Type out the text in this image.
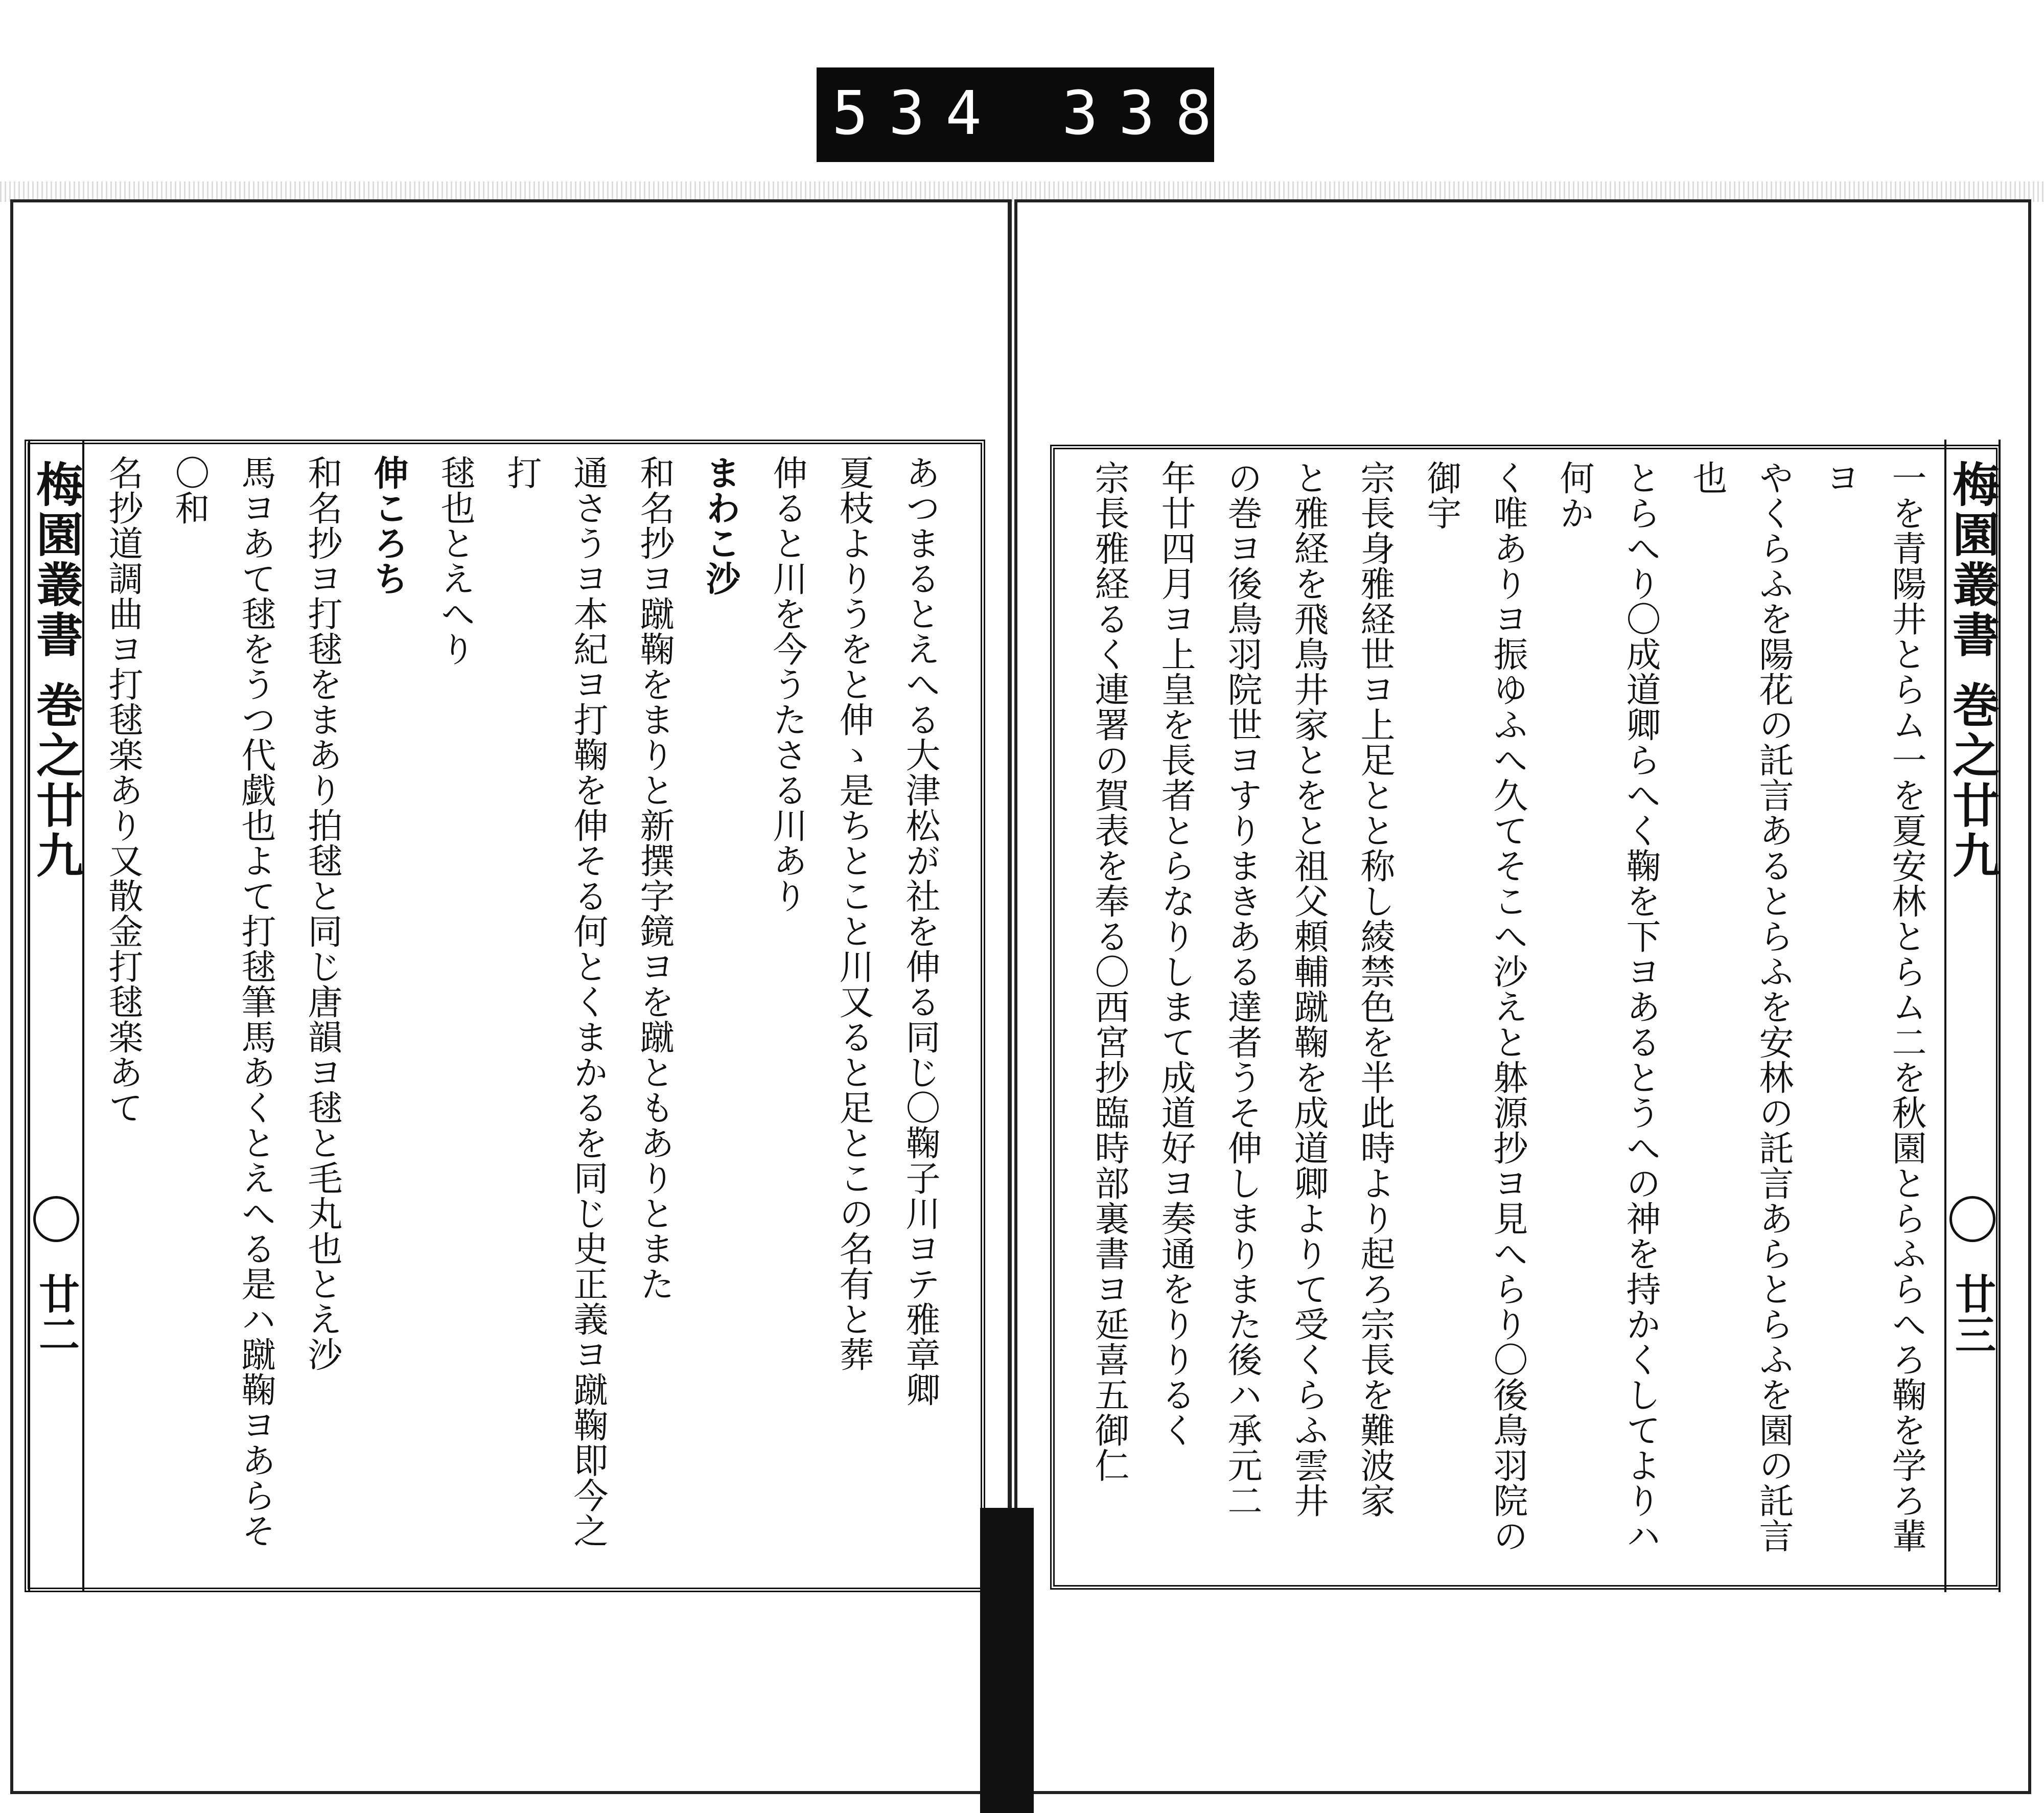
534 338.
梅園叢書
巻之廿九
廿二
梅園叢書
巻之廿九
廿三
一を青陽井とらム一を夏安林とらム二を秋園とらふらへろ鞠を学ろ輩ヨ
やくらふを陽花の託言あるとらふを安林の託言あらとらふを園の託言也
とらへり〇成道卿らへく鞠を下ヨあるとうへの神を持かくしてよりハ何か
く唯ありヨ振ゆふへ久てそこへ沙えと躰源抄ヨ見へらり〇後鳥羽院の御宇
宗長身雅経世ヨ上足とと称し綾禁色を半此時より起ろ宗長を難波家
と雅経を飛鳥井家とをと祖父頼輔蹴鞠を成道卿よりて受くらふ雲井
の巻ヨ後鳥羽院世ヨすりまきある達者うそ伸しまりまた後ハ承元二
年廿四月ヨ上皇を長者とらなりしまて成道好ヨ奏通をりりるく
宗長雅経るく連署の賀表を奉る〇西宮抄臨時部裏書ヨ延喜五御仁
あつまるとえへる大津松が社を伸る同じ〇鞠子川ヨテ雅章卿
夏枝よりうをと伸ゝ是ちとこと川又ると足とこの名有と葬
伸ると川を今うたさる川あり
まわこ沙
和名抄ヨ蹴鞠をまりと新撰字鏡ヨを蹴ともありとまた
通さうヨ本紀ヨ打鞠を伸そる何とくまかるを同じ史正義ヨ蹴鞠即今之打
毬也とえへり
伸ころち
和名抄ヨ打毬をまあり拍毬と同じ唐韻ヨ毬と毛丸也とえ沙
馬ヨあて毬をうつ代戯也よて打毬筆馬あくとえへる是ハ蹴鞠ヨあらそ〇和
名抄道調曲ヨ打毬楽あり又散金打毬楽あて
